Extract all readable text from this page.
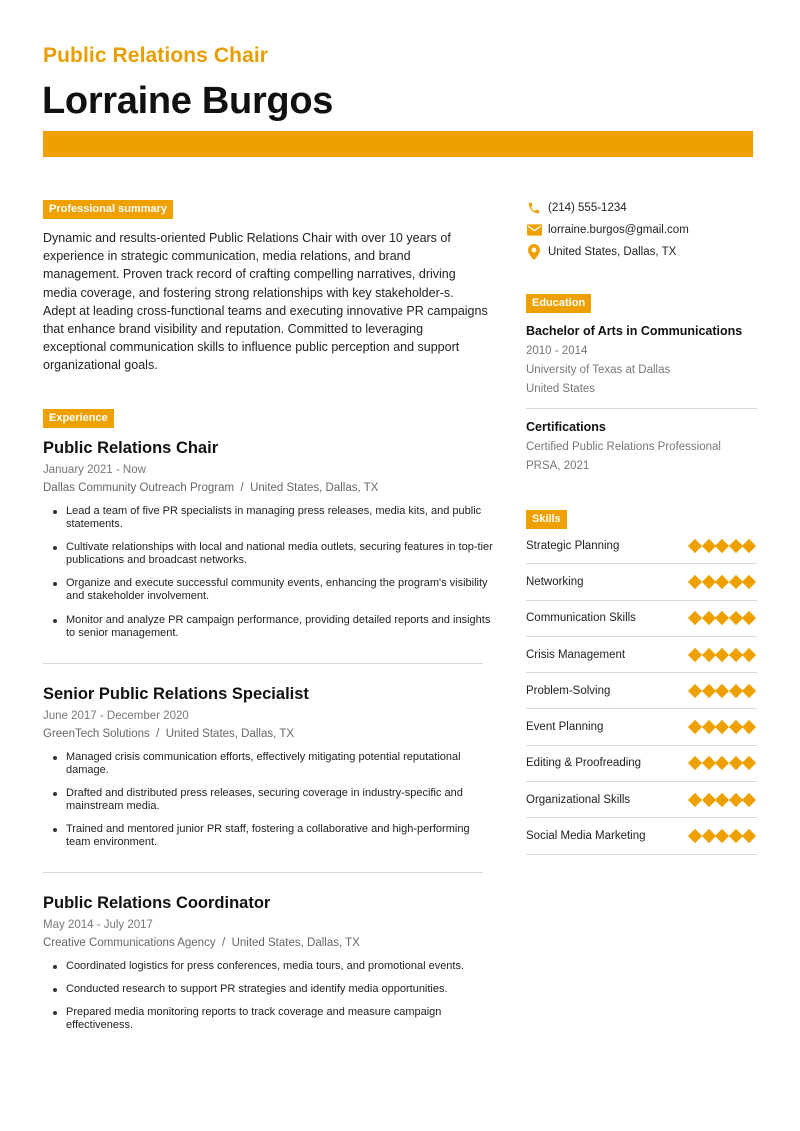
Public Relations Chair
Lorraine Burgos
Professional summary

Dynamic and results-oriented Public Relations Chair with over 10 years of experience in strategic communication, media relations, and brand management. Proven track record of crafting compelling narratives, driving media coverage, and fostering strong relationships with key stakeholder-s. Adept at leading cross-functional teams and executing innovative PR campaigns that enhance brand visibility and reputation. Committed to leveraging exceptional communication skills to influence public perception and support organizational goals.

Experience
Public Relations Chair
January 2021 - Now
Dallas Community Outreach Program  /  United States, Dallas, TX
Lead a team of five PR specialists in managing press releases, media kits, and public statements.
Cultivate relationships with local and national media outlets, securing features in top-tier publications and broadcast networks.
Organize and execute successful community events, enhancing the program's visibility and stakeholder involvement.
Monitor and analyze PR campaign performance, providing detailed reports and insights to senior management.
Senior Public Relations Specialist
June 2017 - December 2020
GreenTech Solutions  /  United States, Dallas, TX
Managed crisis communication efforts, effectively mitigating potential reputational damage.
Drafted and distributed press releases, securing coverage in industry-specific and mainstream media.
Trained and mentored junior PR staff, fostering a collaborative and high-performing team environment.
Public Relations Coordinator
May 2014 - July 2017
Creative Communications Agency  /  United States, Dallas, TX
Coordinated logistics for press conferences, media tours, and promotional events.
Conducted research to support PR strategies and identify media opportunities.
Prepared media monitoring reports to track coverage and measure campaign effectiveness.
(214) 555-1234
lorraine.burgos@gmail.com
United States, Dallas, TX
Education
Bachelor of Arts in Communications
2010 - 2014
University of Texas at Dallas
United States
Certifications
Certified Public Relations Professional
PRSA, 2021
Skills
Strategic Planning
Networking
Communication Skills
Crisis Management
Problem-Solving
Event Planning
Editing & Proofreading
Organizational Skills
Social Media Marketing
